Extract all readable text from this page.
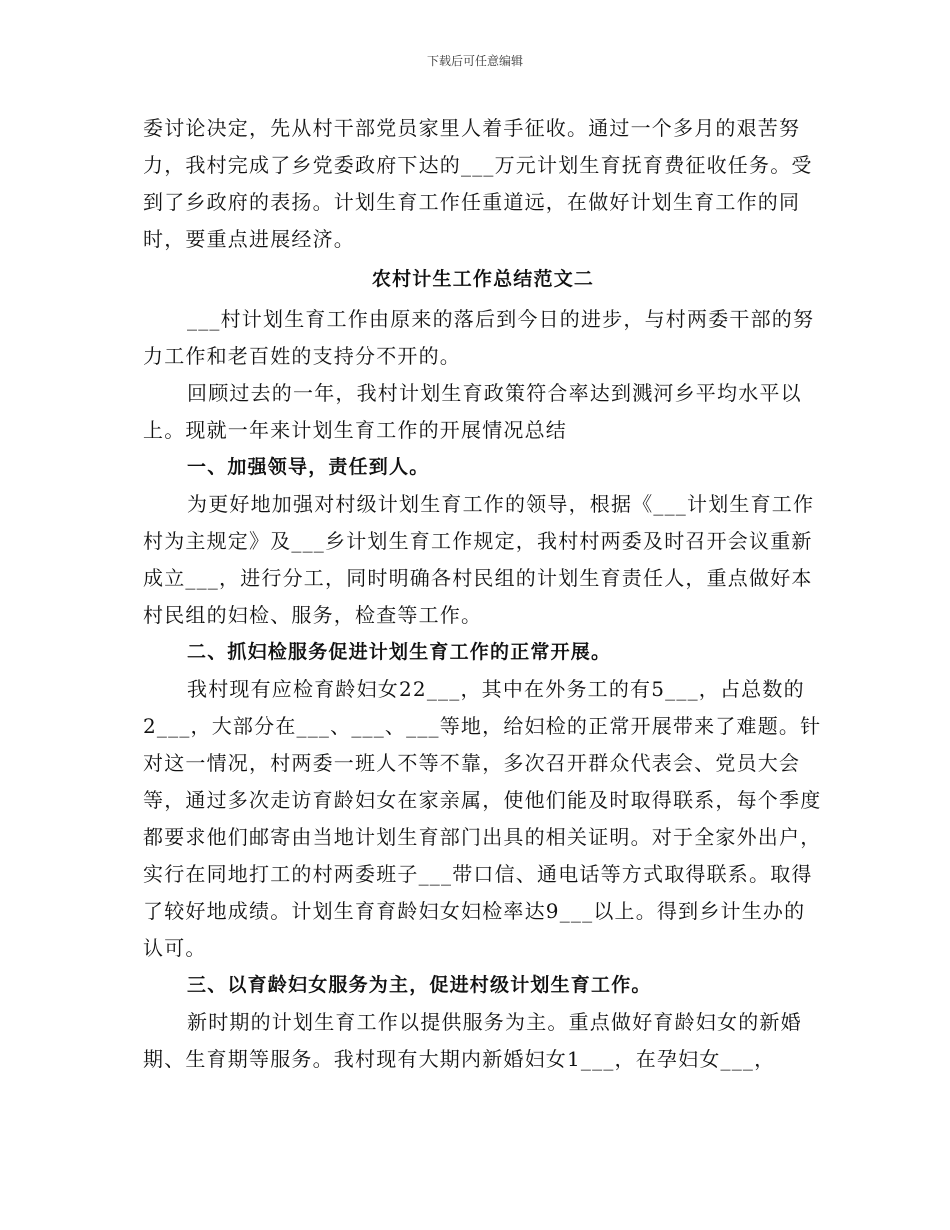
下载后可任意编辑

委讨论决定，先从村干部党员家里人着手征收。通过一个多月的艰苦努力，我村完成了乡党委政府下达的___万元计划生育抚育费征收任务。受到了乡政府的表扬。计划生育工作任重道远，在做好计划生育工作的同时，要重点进展经济。

农村计生工作总结范文二

___村计划生育工作由原来的落后到今日的进步，与村两委干部的努力工作和老百姓的支持分不开的。

回顾过去的一年，我村计划生育政策符合率达到溅河乡平均水平以上。现就一年来计划生育工作的开展情况总结

一、加强领导，责任到人。

为更好地加强对村级计划生育工作的领导，根据《___计划生育工作村为主规定》及___乡计划生育工作规定，我村村两委及时召开会议重新成立___，进行分工，同时明确各村民组的计划生育责任人，重点做好本村民组的妇检、服务，检查等工作。

二、抓妇检服务促进计划生育工作的正常开展。

我村现有应检育龄妇女22___，其中在外务工的有5___，占总数的2___，大部分在___、___、___等地，给妇检的正常开展带来了难题。针对这一情况，村两委一班人不等不靠，多次召开群众代表会、党员大会等，通过多次走访育龄妇女在家亲属，使他们能及时取得联系，每个季度都要求他们邮寄由当地计划生育部门出具的相关证明。对于全家外出户，实行在同地打工的村两委班子___带口信、通电话等方式取得联系。取得了较好地成绩。计划生育育龄妇女妇检率达9___以上。得到乡计生办的认可。

三、以育龄妇女服务为主，促进村级计划生育工作。

新时期的计划生育工作以提供服务为主。重点做好育龄妇女的新婚期、生育期等服务。我村现有大期内新婚妇女1___，在孕妇女___，
